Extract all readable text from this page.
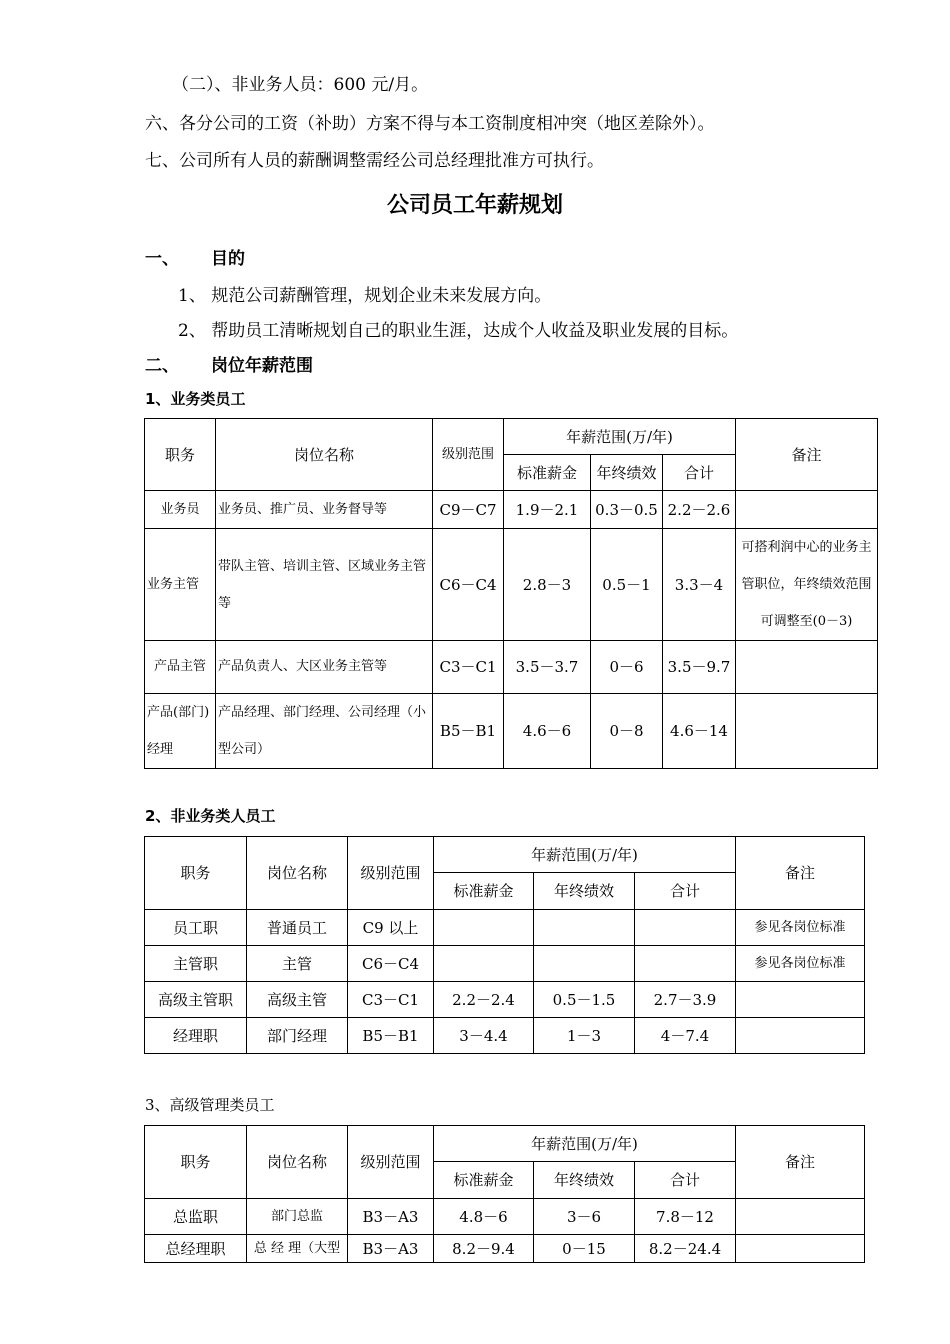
（二）、非业务人员：600 元/月。
六、各分公司的工资（补助）方案不得与本工资制度相冲突（地区差除外）。
七、公司所有人员的薪酬调整需经公司总经理批准方可执行。
公司员工年薪规划
一、 目的
1、 规范公司薪酬管理，规划企业未来发展方向。
2、 帮助员工清晰规划自己的职业生涯，达成个人收益及职业发展的目标。
二、 岗位年薪范围
1、业务类员工
职务	岗位名称	级别范围	年薪范围(万/年)			备注
			标准薪金	年终绩效	合计	
业务员	业务员、推广员、业务督导等	C9－C7	1.9－2.1	0.3－0.5	2.2－2.6	
业务主管	带队主管、培训主管、区域业务主管等	C6－C4	2.8－3	0.5－1	3.3－4	可搭利润中心的业务主管职位，年终绩效范围可调整至(0－3)
产品主管	产品负责人、大区业务主管等	C3－C1	3.5－3.7	0－6	3.5－9.7	
产品(部门)经理	产品经理、部门经理、公司经理（小型公司）	B5－B1	4.6－6	0－8	4.6－14	
2、非业务类人员工
职务	岗位名称	级别范围	年薪范围(万/年)			备注
			标准薪金	年终绩效	合计	
员工职	普通员工	C9 以上				参见各岗位标准
主管职	主管	C6－C4				参见各岗位标准
高级主管职	高级主管	C3－C1	2.2－2.4	0.5－1.5	2.7－3.9	
经理职	部门经理	B5－B1	3－4.4	1－3	4－7.4	
3、高级管理类员工
职务	岗位名称	级别范围	年薪范围(万/年)			备注
			标准薪金	年终绩效	合计	
总监职	部门总监	B3－A3	4.8－6	3－6	7.8－12	
总经理职	总 经 理（大型	B3－A3	8.2－9.4	0－15	8.2－24.4	
